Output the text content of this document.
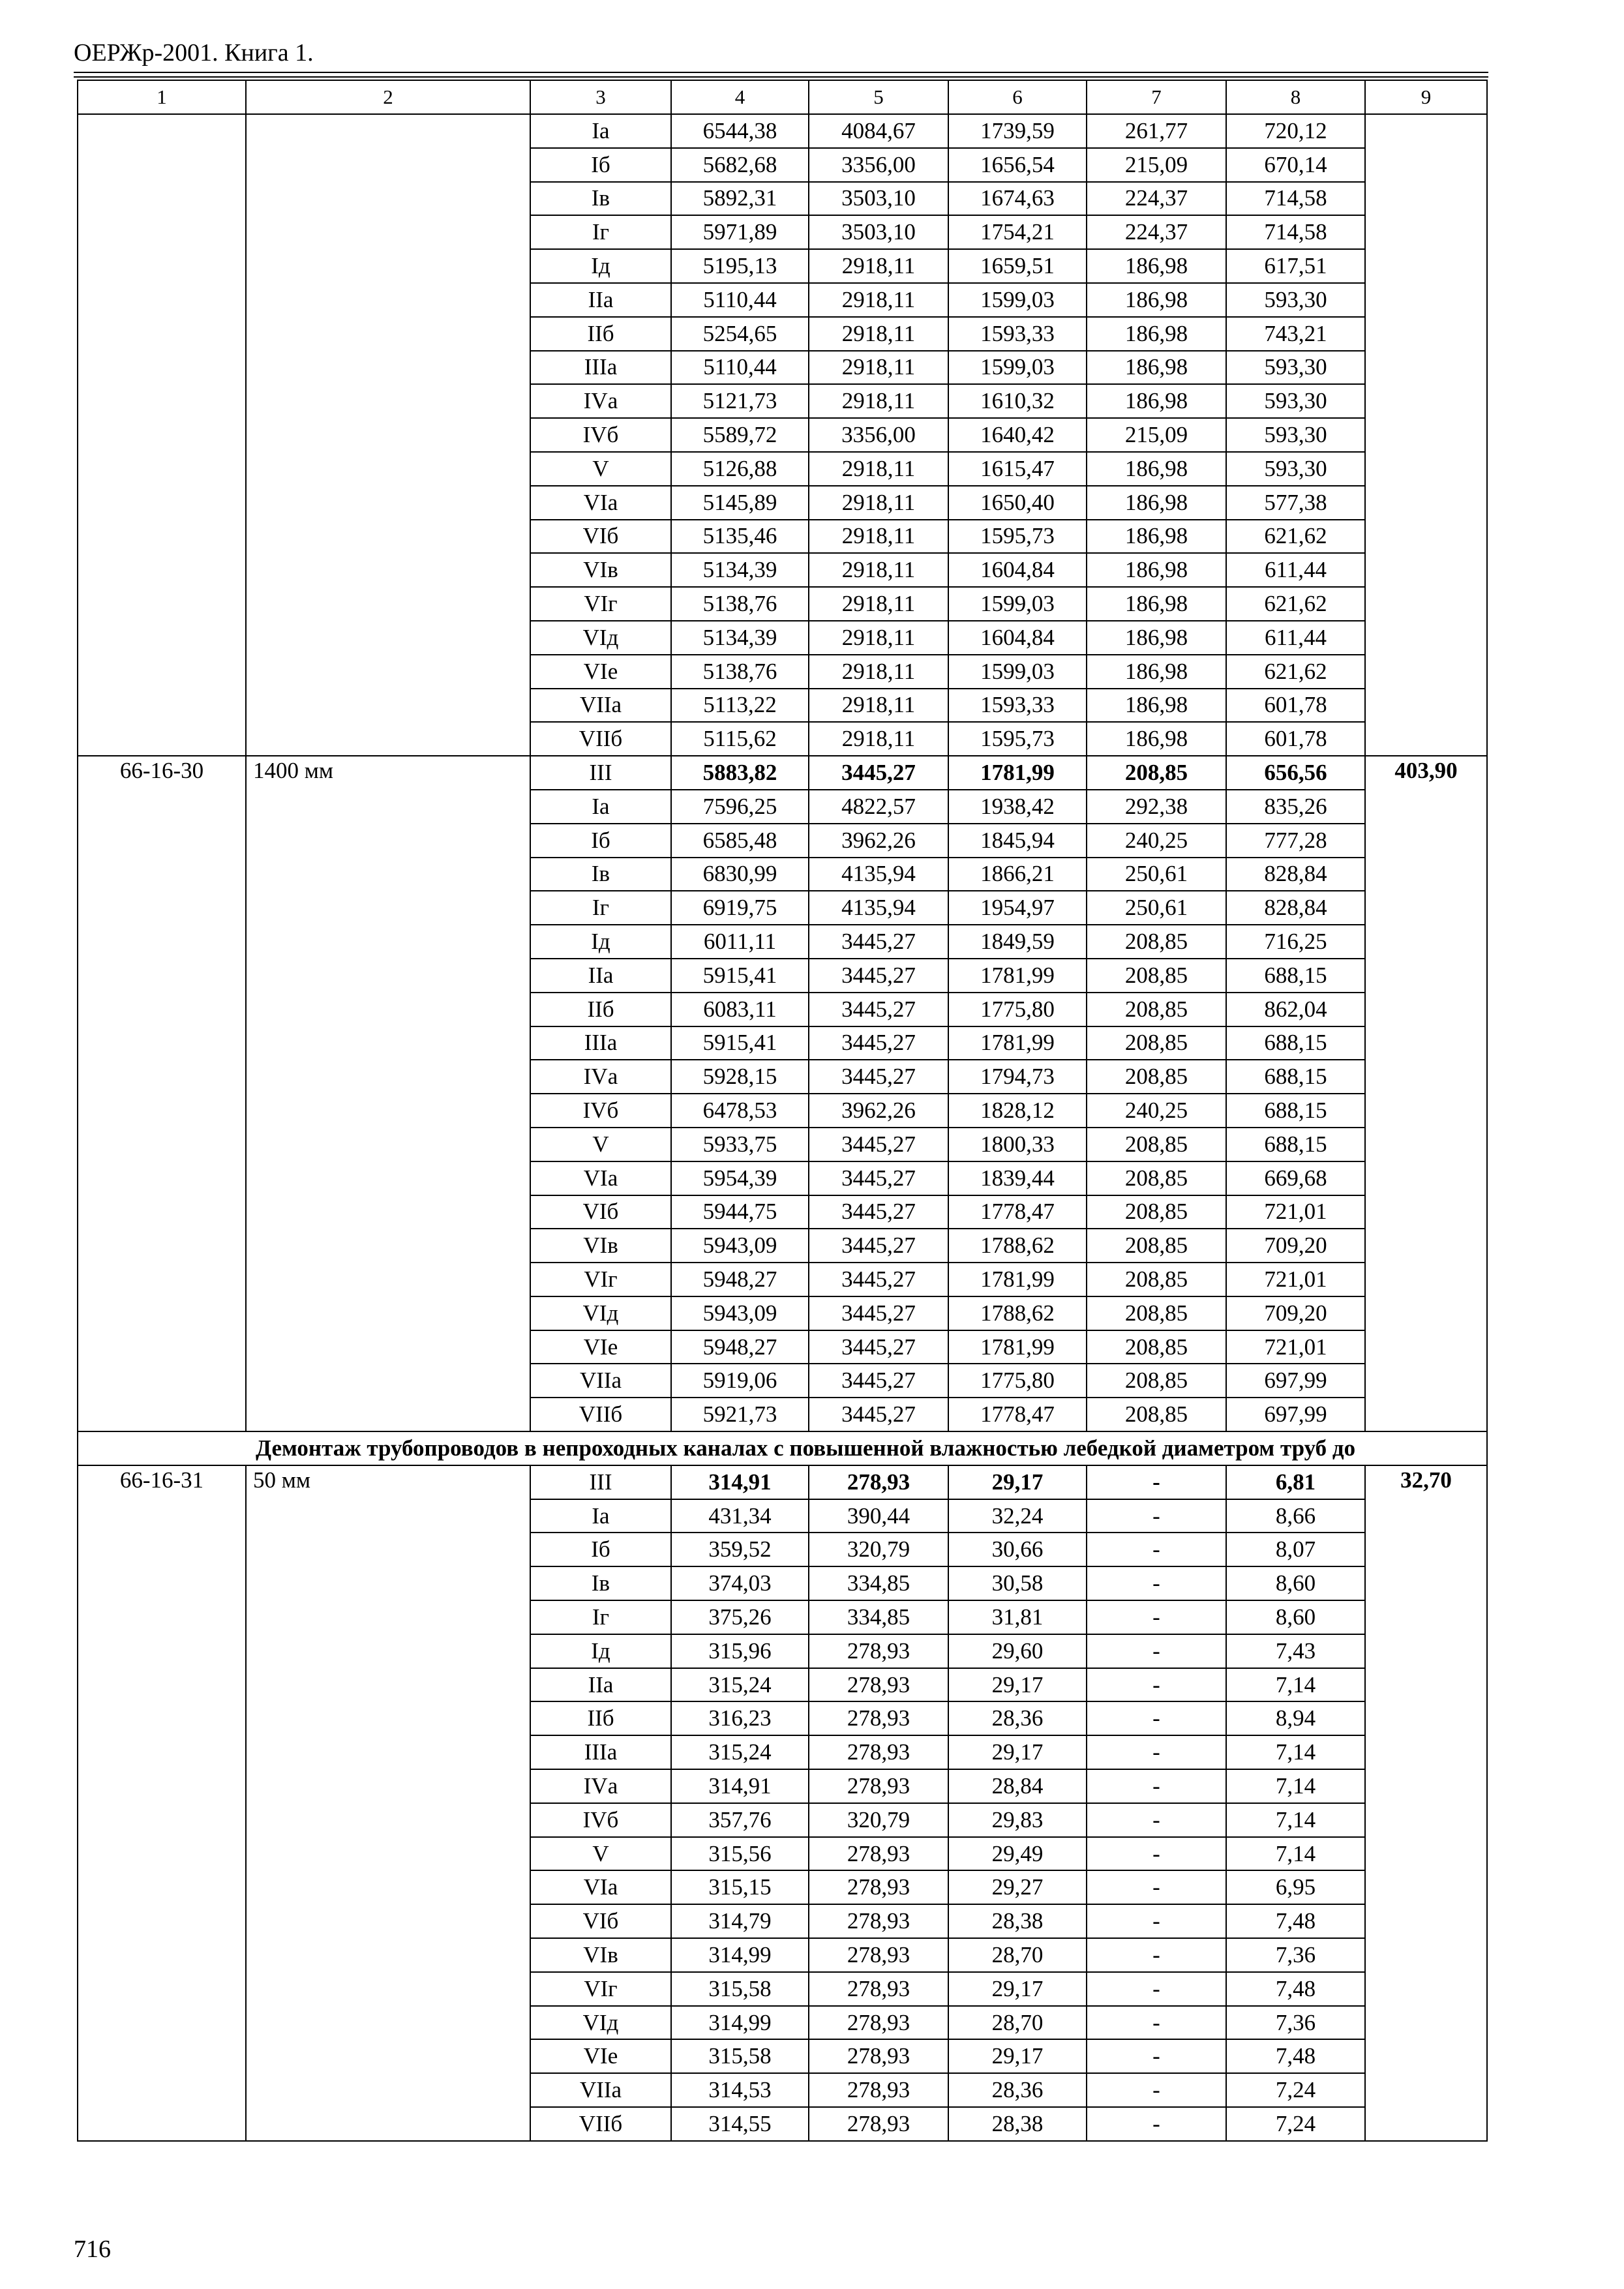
ОЕРЖр-2001. Книга 1.
1	2	3	4	5	6	7	8	9
		Iа	6544,38	4084,67	1739,59	261,77	720,12	
		Iб	5682,68	3356,00	1656,54	215,09	670,14	
		Iв	5892,31	3503,10	1674,63	224,37	714,58	
		Iг	5971,89	3503,10	1754,21	224,37	714,58	
		Iд	5195,13	2918,11	1659,51	186,98	617,51	
		IIа	5110,44	2918,11	1599,03	186,98	593,30	
		IIб	5254,65	2918,11	1593,33	186,98	743,21	
		IIIа	5110,44	2918,11	1599,03	186,98	593,30	
		IVа	5121,73	2918,11	1610,32	186,98	593,30	
		IVб	5589,72	3356,00	1640,42	215,09	593,30	
		V	5126,88	2918,11	1615,47	186,98	593,30	
		VIа	5145,89	2918,11	1650,40	186,98	577,38	
		VIб	5135,46	2918,11	1595,73	186,98	621,62	
		VIв	5134,39	2918,11	1604,84	186,98	611,44	
		VIг	5138,76	2918,11	1599,03	186,98	621,62	
		VIд	5134,39	2918,11	1604,84	186,98	611,44	
		VIе	5138,76	2918,11	1599,03	186,98	621,62	
		VIIа	5113,22	2918,11	1593,33	186,98	601,78	
		VIIб	5115,62	2918,11	1595,73	186,98	601,78	
66-16-30	1400 мм	III	5883,82	3445,27	1781,99	208,85	656,56	403,90
		Iа	7596,25	4822,57	1938,42	292,38	835,26	
		Iб	6585,48	3962,26	1845,94	240,25	777,28	
		Iв	6830,99	4135,94	1866,21	250,61	828,84	
		Iг	6919,75	4135,94	1954,97	250,61	828,84	
		Iд	6011,11	3445,27	1849,59	208,85	716,25	
		IIа	5915,41	3445,27	1781,99	208,85	688,15	
		IIб	6083,11	3445,27	1775,80	208,85	862,04	
		IIIа	5915,41	3445,27	1781,99	208,85	688,15	
		IVа	5928,15	3445,27	1794,73	208,85	688,15	
		IVб	6478,53	3962,26	1828,12	240,25	688,15	
		V	5933,75	3445,27	1800,33	208,85	688,15	
		VIа	5954,39	3445,27	1839,44	208,85	669,68	
		VIб	5944,75	3445,27	1778,47	208,85	721,01	
		VIв	5943,09	3445,27	1788,62	208,85	709,20	
		VIг	5948,27	3445,27	1781,99	208,85	721,01	
		VIд	5943,09	3445,27	1788,62	208,85	709,20	
		VIе	5948,27	3445,27	1781,99	208,85	721,01	
		VIIа	5919,06	3445,27	1775,80	208,85	697,99	
		VIIб	5921,73	3445,27	1778,47	208,85	697,99	
Демонтаж трубопроводов в непроходных каналах с повышенной влажностью лебедкой диаметром труб до								
66-16-31	50 мм	III	314,91	278,93	29,17	-	6,81	32,70
		Iа	431,34	390,44	32,24	-	8,66	
		Iб	359,52	320,79	30,66	-	8,07	
		Iв	374,03	334,85	30,58	-	8,60	
		Iг	375,26	334,85	31,81	-	8,60	
		Iд	315,96	278,93	29,60	-	7,43	
		IIа	315,24	278,93	29,17	-	7,14	
		IIб	316,23	278,93	28,36	-	8,94	
		IIIа	315,24	278,93	29,17	-	7,14	
		IVа	314,91	278,93	28,84	-	7,14	
		IVб	357,76	320,79	29,83	-	7,14	
		V	315,56	278,93	29,49	-	7,14	
		VIа	315,15	278,93	29,27	-	6,95	
		VIб	314,79	278,93	28,38	-	7,48	
		VIв	314,99	278,93	28,70	-	7,36	
		VIг	315,58	278,93	29,17	-	7,48	
		VIд	314,99	278,93	28,70	-	7,36	
		VIе	315,58	278,93	29,17	-	7,48	
		VIIа	314,53	278,93	28,36	-	7,24	
		VIIб	314,55	278,93	28,38	-	7,24	
716
